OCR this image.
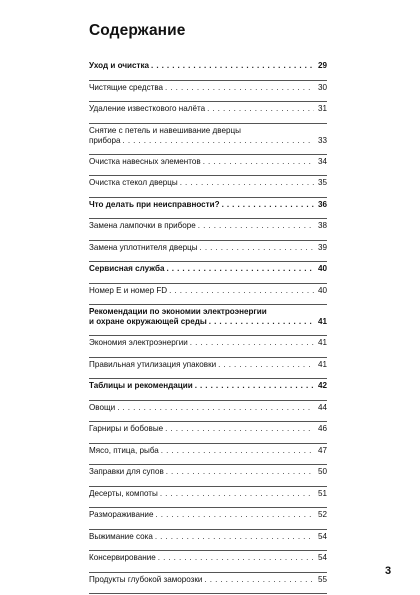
Содержание
Уход и очистка . . .	29
Чистящие средства . . .	30
Удаление известкового налёта . . .	31
Снятие с петель и навешивание дверцы
прибора . . .	33
Очистка навесных элементов . . .	34
Очистка стекол дверцы . . .	35
Что делать при неисправности? . . .	36
Замена лампочки в приборе . . .	38
Замена уплотнителя дверцы . . .	39
Сервисная служба . . .	40
Номер E и номер FD . . .	40
Рекомендации по экономии электроэнергии
и охране окружающей среды . . .	41
Экономия электроэнергии . . .	41
Правильная утилизация упаковки . . .	41
Таблицы и рекомендации . . .	42
Овощи . . .	44
Гарниры и бобовые . . .	46
Мясо, птица, рыба . . .	47
Заправки для супов . . .	50
Десерты, компоты . . .	51
Размораживание . . .	52
Выжимание сока . . .	54
Консервирование . . .	54
Продукты глубокой заморозки . . .	55
3
